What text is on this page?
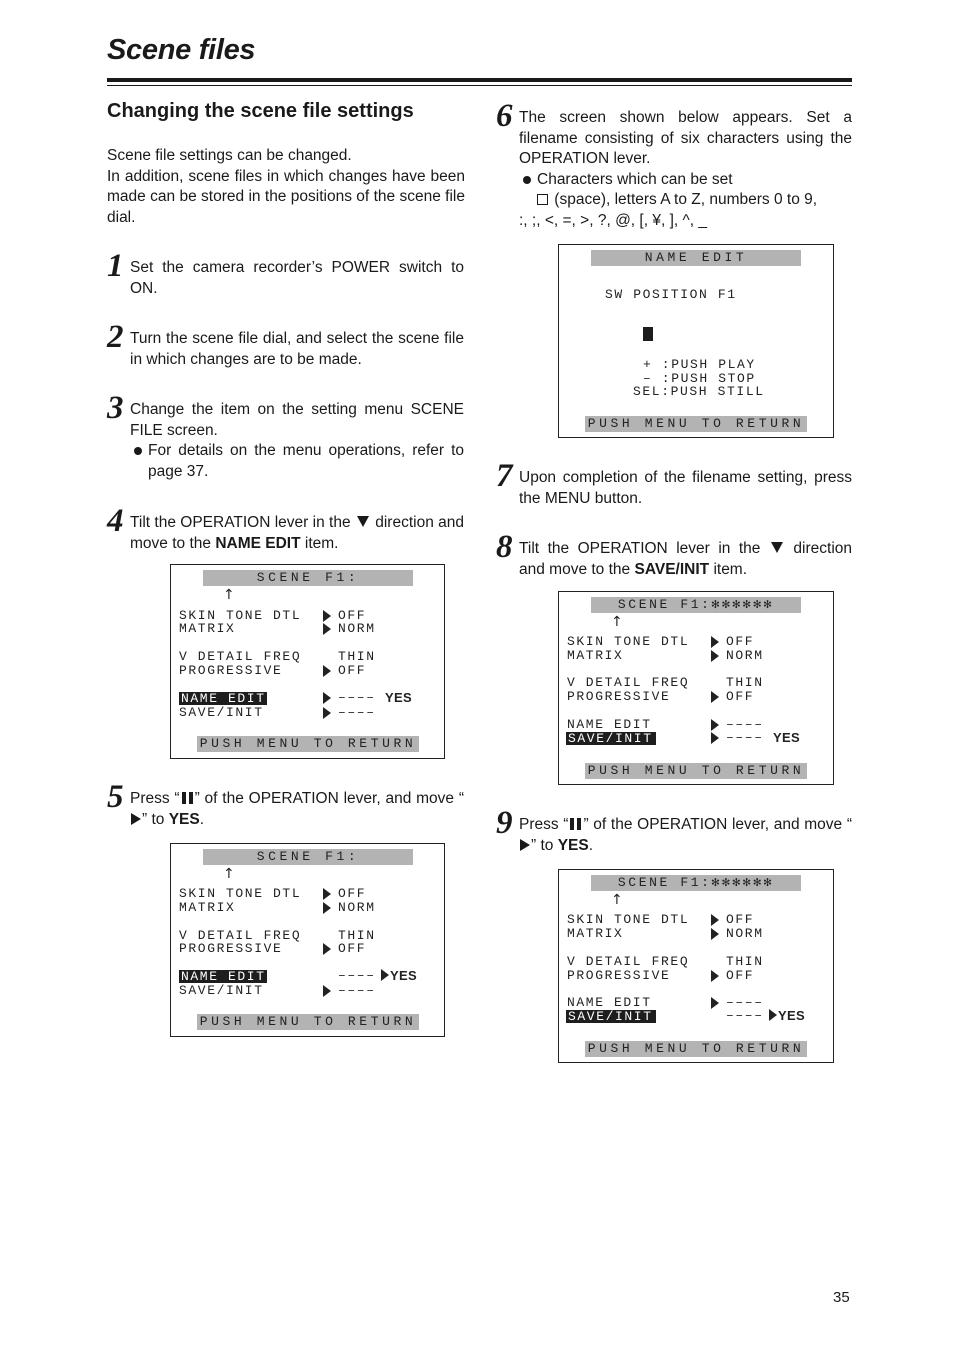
Scene files
Changing the scene file settings
Scene file settings can be changed.
In addition, scene files in which changes have been made can be stored in the positions of the scene file dial.
1 Set the camera recorder’s POWER switch to ON.
2 Turn the scene file dial, and select the scene file in which changes are to be made.
3 Change the item on the setting menu SCENE FILE screen.
For details on the menu operations, refer to page 37.
4 Tilt the OPERATION lever in the direction and move to the NAME EDIT item.
SCENE F1:
↑
SKIN TONE DTL
MATRIX
V DETAIL FREQ
PROGRESSIVE
NAME EDIT
SAVE/INIT
OFF
NORM
THIN
OFF
–––– YES
––––
PUSH MENU TO RETURN
5 Press “ ” of the OPERATION lever, and move “” to YES.
SCENE F1:
↑
SKIN TONE DTL
MATRIX
V DETAIL FREQ
PROGRESSIVE
NAME EDIT
SAVE/INIT
OFF
NORM
THIN
OFF
–––– YES
––––
PUSH MENU TO RETURN
6 The screen shown below appears. Set a filename consisting of six characters using the OPERATION lever.
Characters which can be set
(space), letters A to Z, numbers 0 to 9,
:, ;, <, =, >, ?, @, [, ¥, ], ^, _
NAME EDIT
SW POSITION F1
+ :PUSH PLAY
– :PUSH STOP
SEL:PUSH STILL
PUSH MENU TO RETURN
7 Upon completion of the filename setting, press the MENU button.
8 Tilt the OPERATION lever in the direction and move to the SAVE/INIT item.
SCENE F1:✻✻✻✻✻✻
↑
SKIN TONE DTL
MATRIX
V DETAIL FREQ
PROGRESSIVE
NAME EDIT
SAVE/INIT
OFF
NORM
THIN
OFF
––––
–––– YES
PUSH MENU TO RETURN
9 Press “ ” of the OPERATION lever, and move “” to YES.
SCENE F1:✻✻✻✻✻✻
↑
SKIN TONE DTL
MATRIX
V DETAIL FREQ
PROGRESSIVE
NAME EDIT
SAVE/INIT
OFF
NORM
THIN
OFF
––––
–––– YES
PUSH MENU TO RETURN
35
